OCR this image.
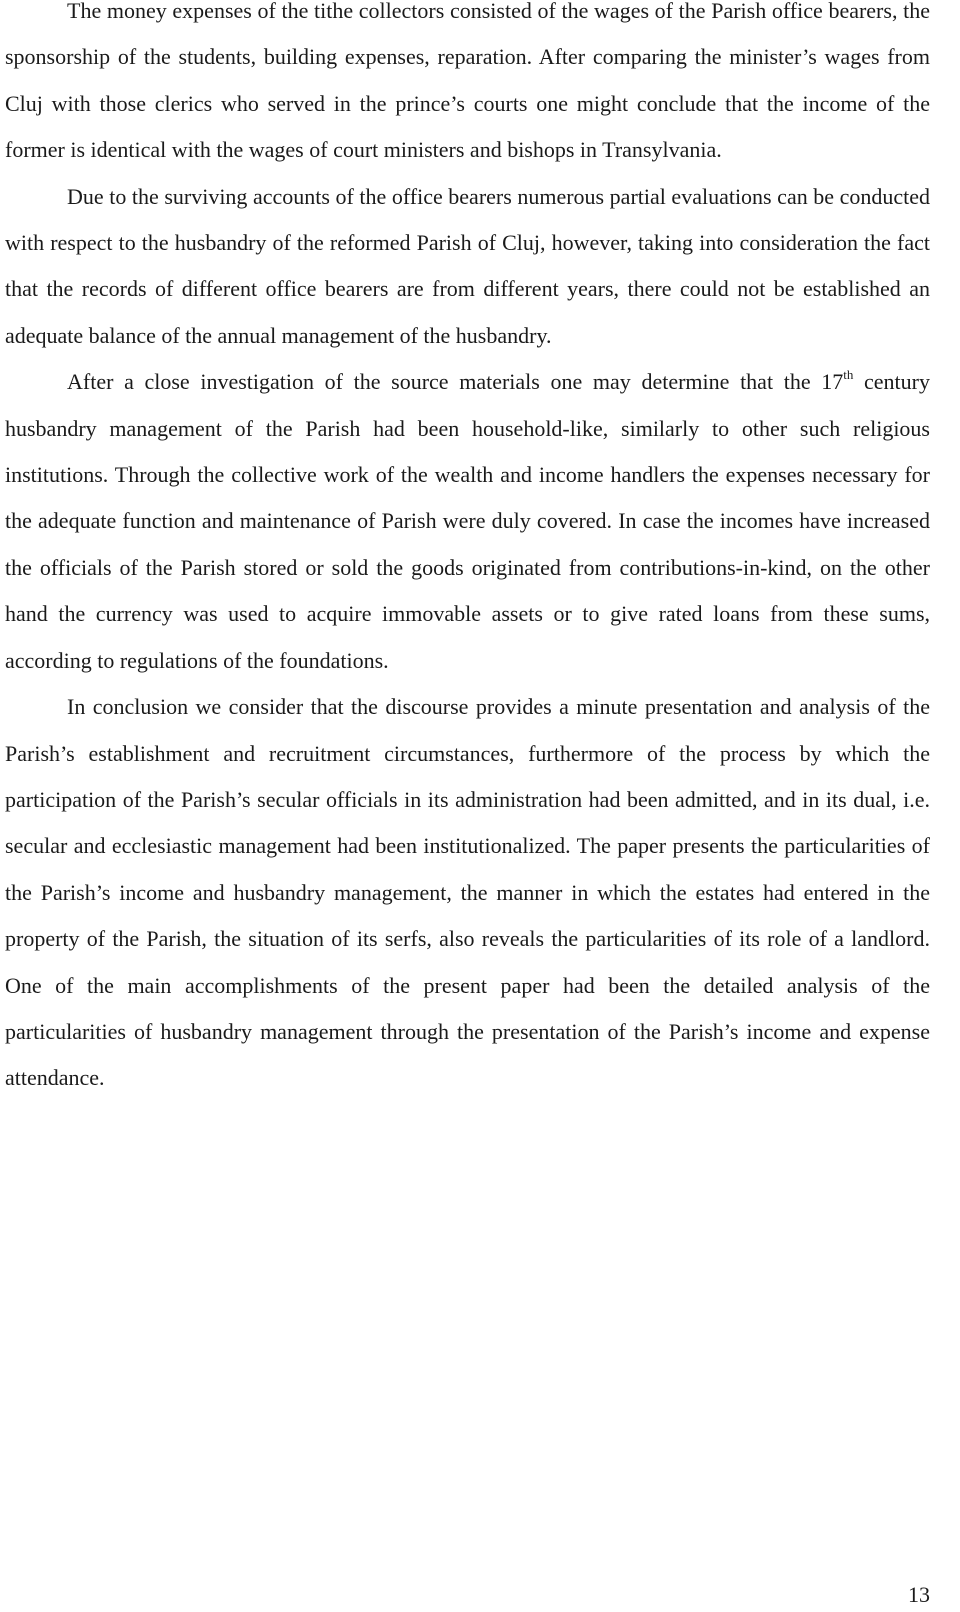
The money expenses of the tithe collectors consisted of the wages of the Parish office bearers, the sponsorship of the students, building expenses, reparation. After comparing the minister’s wages from Cluj with those clerics who served in the prince’s courts one might conclude that the income of the former is identical with the wages of court ministers and bishops in Transylvania.

Due to the surviving accounts of the office bearers numerous partial evaluations can be conducted with respect to the husbandry of the reformed Parish of Cluj, however, taking into consideration the fact that the records of different office bearers are from different years, there could not be established an adequate balance of the annual management of the husbandry.

After a close investigation of the source materials one may determine that the 17th century husbandry management of the Parish had been household-like, similarly to other such religious institutions. Through the collective work of the wealth and income handlers the expenses necessary for the adequate function and maintenance of Parish were duly covered. In case the incomes have increased the officials of the Parish stored or sold the goods originated from contributions-in-kind, on the other hand the currency was used to acquire immovable assets or to give rated loans from these sums, according to regulations of the foundations.

In conclusion we consider that the discourse provides a minute presentation and analysis of the Parish’s establishment and recruitment circumstances, furthermore of the process by which the participation of the Parish’s secular officials in its administration had been admitted, and in its dual, i.e. secular and ecclesiastic management had been institutionalized. The paper presents the particularities of the Parish’s income and husbandry management, the manner in which the estates had entered in the property of the Parish, the situation of its serfs, also reveals the particularities of its role of a landlord. One of the main accomplishments of the present paper had been the detailed analysis of the particularities of husbandry management through the presentation of the Parish’s income and expense attendance.

13
